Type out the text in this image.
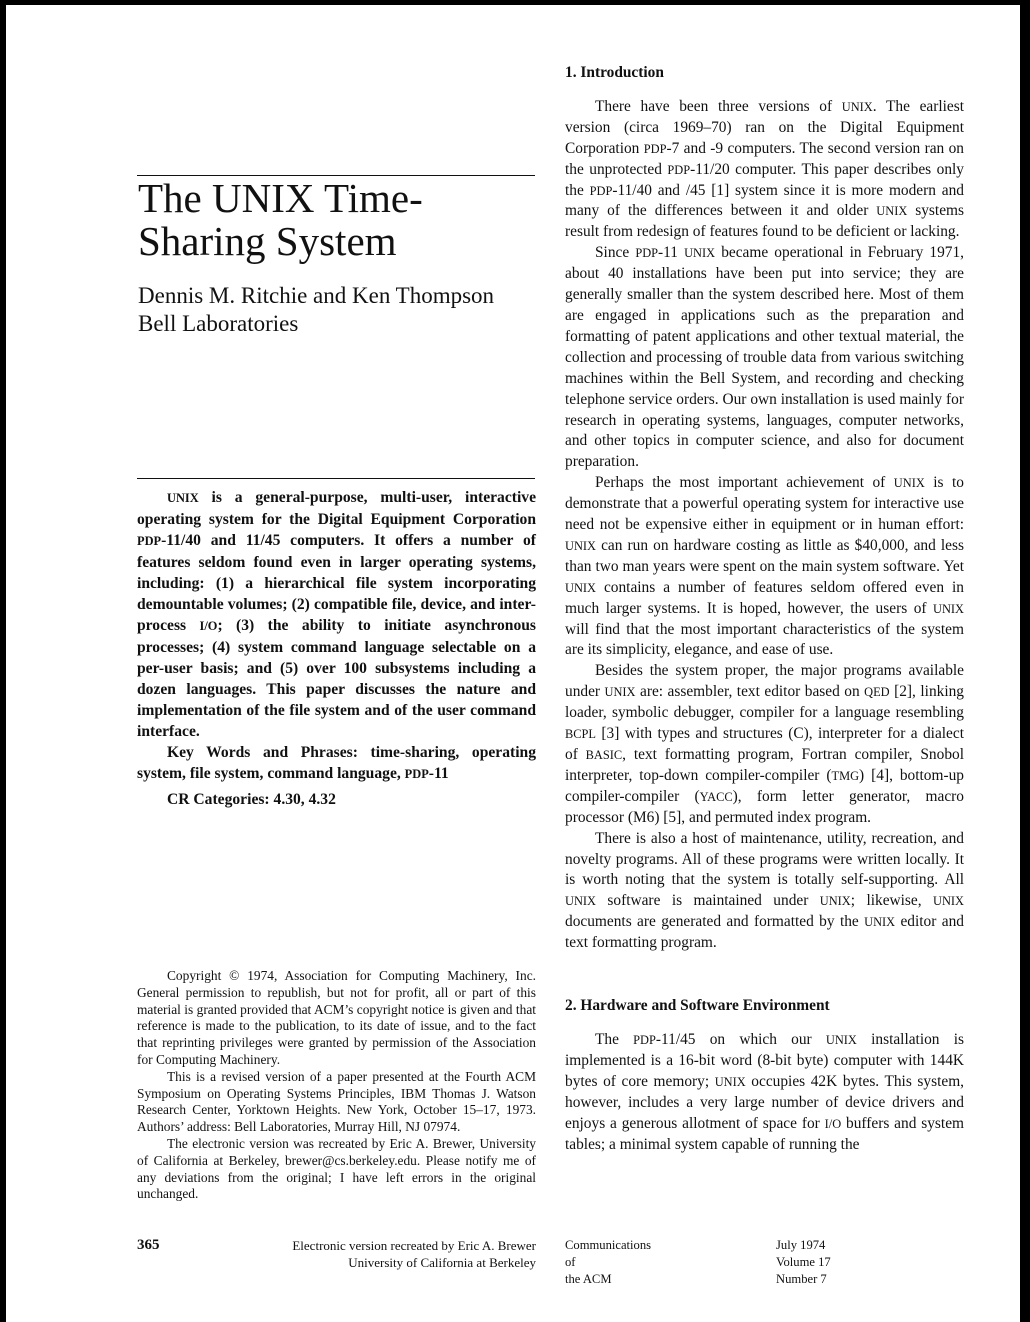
The UNIX Time-Sharing System
Dennis M. Ritchie and Ken Thompson
Bell Laboratories

UNIX is a general-purpose, multi-user, interactive operating system for the Digital Equipment Corporation PDP-11/40 and 11/45 computers. It offers a number of features seldom found even in larger operating systems, including: (1) a hierarchical file system incorporating demountable volumes; (2) compatible file, device, and inter-process I/O; (3) the ability to initiate asynchronous processes; (4) system command language selectable on a per-user basis; and (5) over 100 subsystems including a dozen languages. This paper discusses the nature and implementation of the file system and of the user command interface.

Key Words and Phrases: time-sharing, operating system, file system, command language, PDP-11

CR Categories: 4.30, 4.32

Copyright © 1974, Association for Computing Machinery, Inc. General permission to republish, but not for profit, all or part of this material is granted provided that ACM’s copyright notice is given and that reference is made to the publication, to its date of issue, and to the fact that reprinting privileges were granted by permission of the Association for Computing Machinery.

This is a revised version of a paper presented at the Fourth ACM Symposium on Operating Systems Principles, IBM Thomas J. Watson Research Center, Yorktown Heights. New York, October 15–17, 1973. Authors’ address: Bell Laboratories, Murray Hill, NJ 07974.

The electronic version was recreated by Eric A. Brewer, University of California at Berkeley, brewer@cs.berkeley.edu. Please notify me of any deviations from the original; I have left errors in the original unchanged.

1. Introduction

There have been three versions of UNIX. The earliest version (circa 1969–70) ran on the Digital Equipment Corporation PDP-7 and -9 computers. The second version ran on the unprotected PDP-11/20 computer. This paper describes only the PDP-11/40 and /45 [1] system since it is more modern and many of the differences between it and older UNIX systems result from redesign of features found to be deficient or lacking.

Since PDP-11 UNIX became operational in February 1971, about 40 installations have been put into service; they are generally smaller than the system described here. Most of them are engaged in applications such as the preparation and formatting of patent applications and other textual material, the collection and processing of trouble data from various switching machines within the Bell System, and recording and checking telephone service orders. Our own installation is used mainly for research in operating systems, languages, computer networks, and other topics in computer science, and also for document preparation.

Perhaps the most important achievement of UNIX is to demonstrate that a powerful operating system for interactive use need not be expensive either in equipment or in human effort: UNIX can run on hardware costing as little as $40,000, and less than two man years were spent on the main system software. Yet UNIX contains a number of features seldom offered even in much larger systems. It is hoped, however, the users of UNIX will find that the most important characteristics of the system are its simplicity, elegance, and ease of use.

Besides the system proper, the major programs available under UNIX are: assembler, text editor based on QED [2], linking loader, symbolic debugger, compiler for a language resembling BCPL [3] with types and structures (C), interpreter for a dialect of BASIC, text formatting program, Fortran compiler, Snobol interpreter, top-down compiler-compiler (TMG) [4], bottom-up compiler-compiler (YACC), form letter generator, macro processor (M6) [5], and permuted index program.

There is also a host of maintenance, utility, recreation, and novelty programs. All of these programs were written locally. It is worth noting that the system is totally self-supporting. All UNIX software is maintained under UNIX; likewise, UNIX documents are generated and formatted by the UNIX editor and text formatting program.

2. Hardware and Software Environment

The PDP-11/45 on which our UNIX installation is implemented is a 16-bit word (8-bit byte) computer with 144K bytes of core memory; UNIX occupies 42K bytes. This system, however, includes a very large number of device drivers and enjoys a generous allotment of space for I/O buffers and system tables; a minimal system capable of running the

365	Electronic version recreated by Eric A. Brewer
University of California at Berkeley
Communications
of
the ACM
July 1974
Volume 17
Number 7
